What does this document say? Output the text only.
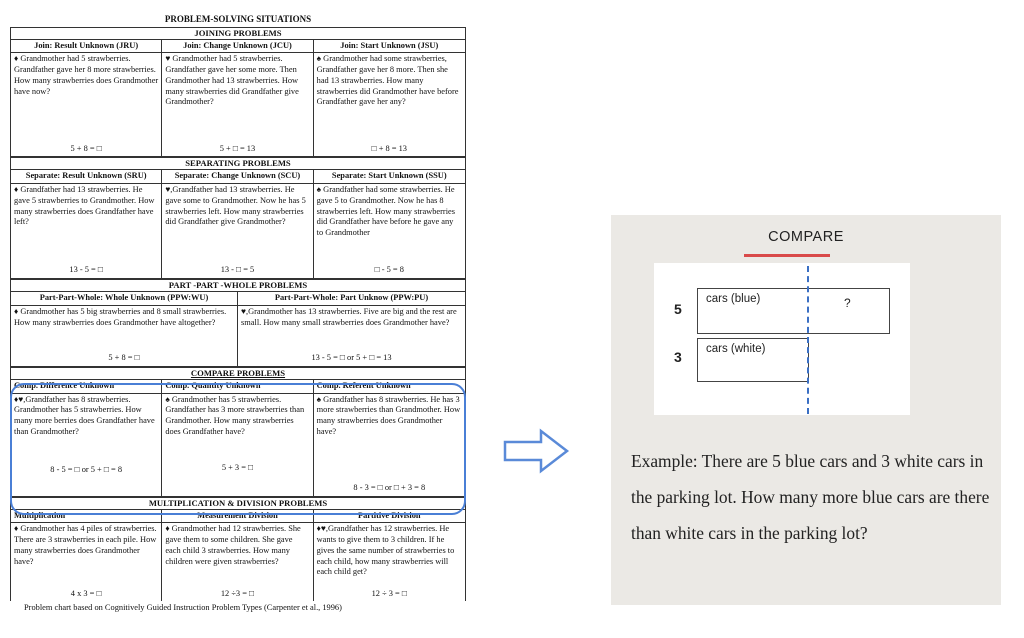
PROBLEM-SOLVING SITUATIONS
JOINING PROBLEMS
Join: Result Unknown (JRU)	Join: Change Unknown (JCU)	Join: Start Unknown (JSU)
♦ Grandmother had 5 strawberries. Grandfather gave her 8 more strawberries. How many strawberries does Grandmother have now?
5 + 8 = □
♥ Grandmother had 5 strawberries. Grandfather gave her some more. Then Grandmother had 13 strawberries. How many strawberries did Grandfather give Grandmother?
5 + □ = 13
♠ Grandmother had some strawberries, Grandfather gave her 8 more. Then she had 13 strawberries. How many strawberries did Grandmother have before Grandfather gave her any?
□ + 8 = 13
SEPARATING PROBLEMS
Separate: Result Unknown (SRU)	Separate: Change Unknown (SCU)	Separate: Start Unknown (SSU)
♦ Grandfather had 13 strawberries. He gave 5 strawberries to Grandmother. How many strawberries does Grandfather have left?
13 - 5 = □
♥,Grandfather had 13 strawberries. He gave some to Grandmother. Now he has 5 strawberries left. How many strawberries did Grandfather give Grandmother?
13 - □ = 5
♠ Grandfather had some strawberries. He gave 5 to Grandmother. Now he has 8 strawberries left. How many strawberries did Grandfather have before he gave any to Grandmother
□ - 5 = 8
PART -PART -WHOLE PROBLEMS
Part-Part-Whole: Whole Unknown (PPW:WU)	Part-Part-Whole: Part Unknow (PPW:PU)
♦ Grandmother has 5 big strawberries and 8 small strawberries. How many strawberries does Grandmother have altogether?
5 + 8 = □
♥,Grandmother has 13 strawberries. Five are big and the rest are small. How many small strawberries does Grandmother have?
13 - 5 = □ or 5 + □ = 13
COMPARE PROBLEMS
Comp. Difference Unknown	Comp. Quantity Unknown	Comp. Referent Unknown
♦♥,Grandfather has 8 strawberries. Grandmother has 5 strawberries. How many more berries does Grandfather have than Grandmother?
8 - 5 = □ or 5 + □ = 8
♠ Grandmother has 5 strawberries. Grandfather has 3 more strawberries than Grandmother. How many strawberries does Grandfather have?
5 + 3 = □
♠ Grandfather has 8 strawberries. He has 3 more strawberries than Grandmother. How many strawberries does Grandmother have?
8 - 3 = □ or □ + 3 = 8
MULTIPLICATION & DIVISION PROBLEMS
Multiplication	Measurement Division	Partitive Division
♦ Grandmother has 4 piles of strawberries. There are 3 strawberries in each pile. How many strawberries does Grandmother have?
4 x 3 = □
♦ Grandmother had 12 strawberries. She gave them to some children. She gave each child 3 strawberries. How many children were given strawberries?
12 ÷3 = □
♦♥,Grandfather has 12 strawberries. He wants to give them to 3 children. If he gives the same number of strawberries to each child, how many strawberries will each child get?
12 ÷ 3 = □
Problem chart based on Cognitively Guided Instruction Problem Types (Carpenter et al., 1996)
COMPARE
5
cars (blue)	?
3 cars (white)
Example: There are 5 blue cars and 3 white cars in the parking lot. How many more blue cars are there than white cars in the parking lot?
